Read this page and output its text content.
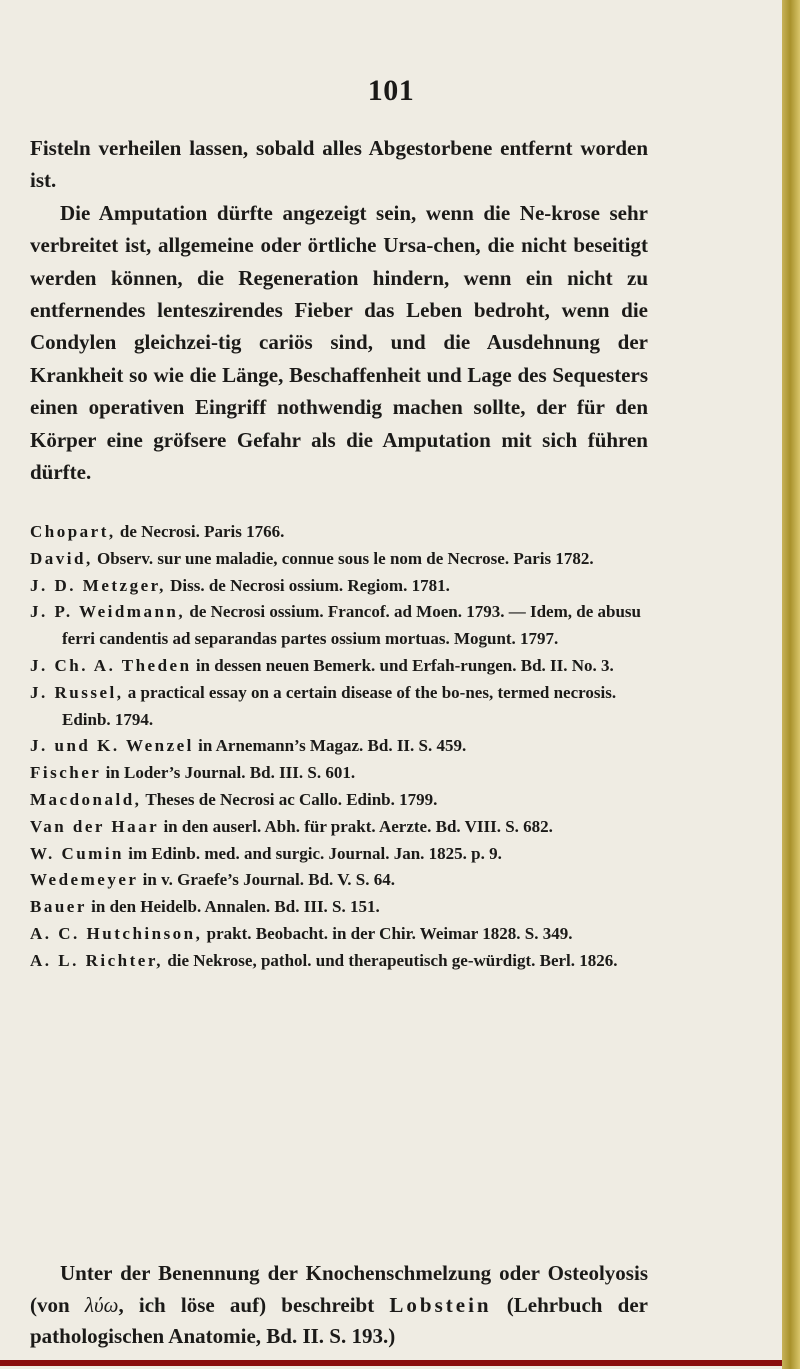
101

Fisteln verheilen lassen, sobald alles Abgestorbene entfernt worden ist.

Die Amputation dürfte angezeigt sein, wenn die Ne-krose sehr verbreitet ist, allgemeine oder örtliche Ursa-chen, die nicht beseitigt werden können, die Regeneration hindern, wenn ein nicht zu entfernendes lenteszirendes Fieber das Leben bedroht, wenn die Condylen gleichzei-tig cariös sind, und die Ausdehnung der Krankheit so wie die Länge, Beschaffenheit und Lage des Sequesters einen operativen Eingriff nothwendig machen sollte, der für den Körper eine gröfsere Gefahr als die Amputation mit sich führen dürfte.

Chopart, de Necrosi. Paris 1766.

David, Observ. sur une maladie, connue sous le nom de Necrose. Paris 1782.

J. D. Metzger, Diss. de Necrosi ossium. Regiom. 1781.

J. P. Weidmann, de Necrosi ossium. Francof. ad Moen. 1793. — Idem, de abusu ferri candentis ad separandas partes ossium mortuas. Mogunt. 1797.

J. Ch. A. Theden in dessen neuen Bemerk. und Erfah-rungen. Bd. II. No. 3.

J. Russel, a practical essay on a certain disease of the bo-nes, termed necrosis. Edinb. 1794.

J. und K. Wenzel in Arnemann’s Magaz. Bd. II. S. 459.

Fischer in Loder’s Journal. Bd. III. S. 601.

Macdonald, Theses de Necrosi ac Callo. Edinb. 1799.

Van der Haar in den auserl. Abh. für prakt. Aerzte. Bd. VIII. S. 682.

W. Cumin im Edinb. med. and surgic. Journal. Jan. 1825. p. 9.

Wedemeyer in v. Graefe’s Journal. Bd. V. S. 64.

Bauer in den Heidelb. Annalen. Bd. III. S. 151.

A. C. Hutchinson, prakt. Beobacht. in der Chir. Weimar 1828. S. 349.

A. L. Richter, die Nekrose, pathol. und therapeutisch ge-würdigt. Berl. 1826.

Unter der Benennung der Knochenschmelzung oder Osteolyosis (von λύω, ich löse auf) beschreibt Lobstein (Lehrbuch der pathologischen Anatomie, Bd. II. S. 193.)
